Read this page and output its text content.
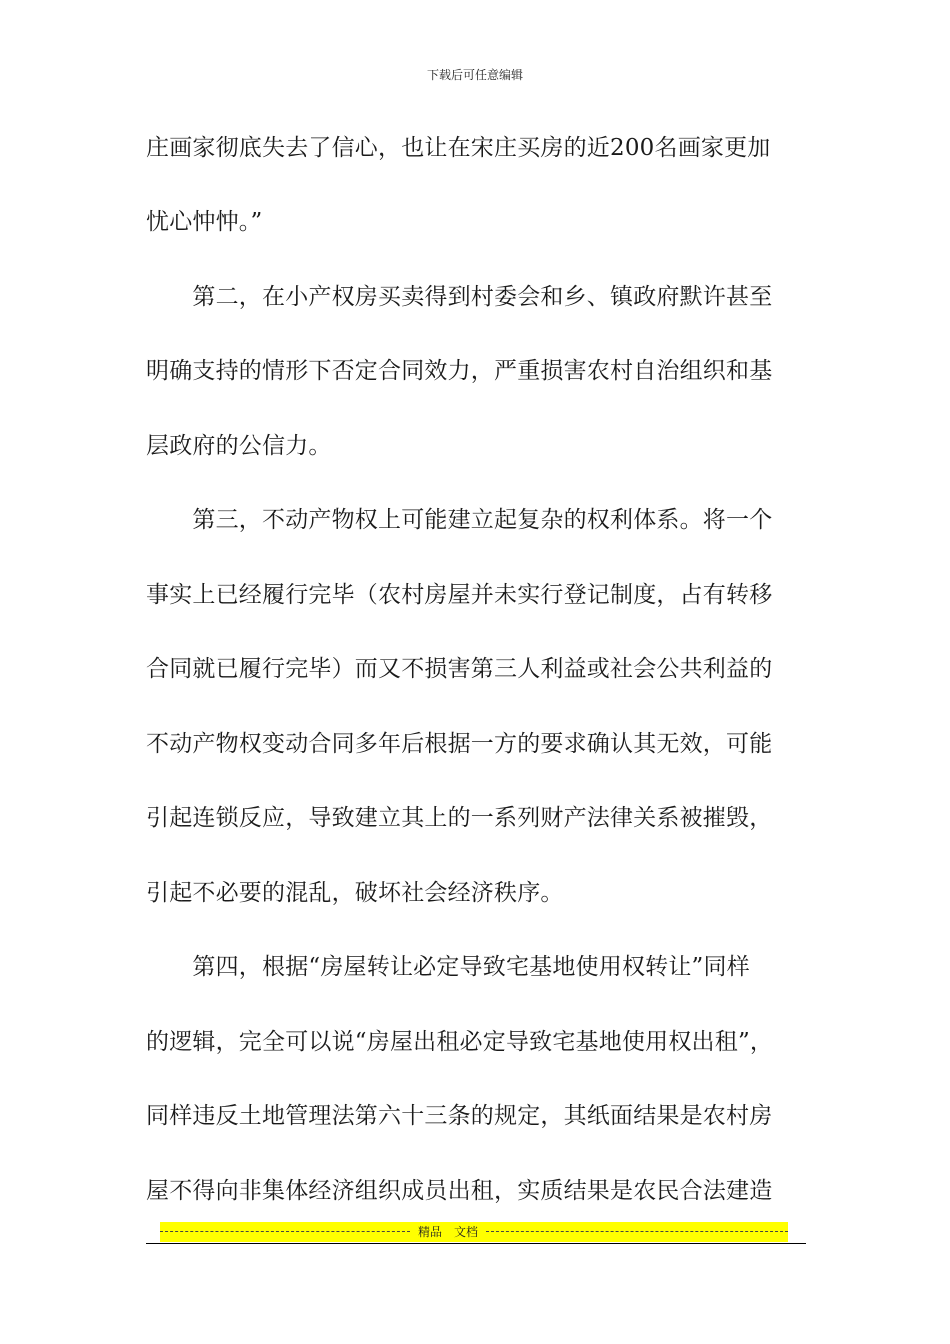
下载后可任意编辑
庄画家彻底失去了信心，也让在宋庄买房的近200名画家更加
忧心忡忡。”
　　第二，在小产权房买卖得到村委会和乡、镇政府默许甚至
明确支持的情形下否定合同效力，严重损害农村自治组织和基
层政府的公信力。
　　第三，不动产物权上可能建立起复杂的权利体系。将一个
事实上已经履行完毕（农村房屋并未实行登记制度，占有转移
合同就已履行完毕）而又不损害第三人利益或社会公共利益的
不动产物权变动合同多年后根据一方的要求确认其无效，可能
引起连锁反应，导致建立其上的一系列财产法律关系被摧毁，
引起不必要的混乱，破坏社会经济秩序。
　　第四，根据“房屋转让必定导致宅基地使用权转让”同样
的逻辑，完全可以说“房屋出租必定导致宅基地使用权出租”，
同样违反土地管理法第六十三条的规定，其纸面结果是农村房
屋不得向非集体经济组织成员出租，实质结果是农民合法建造
精品　文档
